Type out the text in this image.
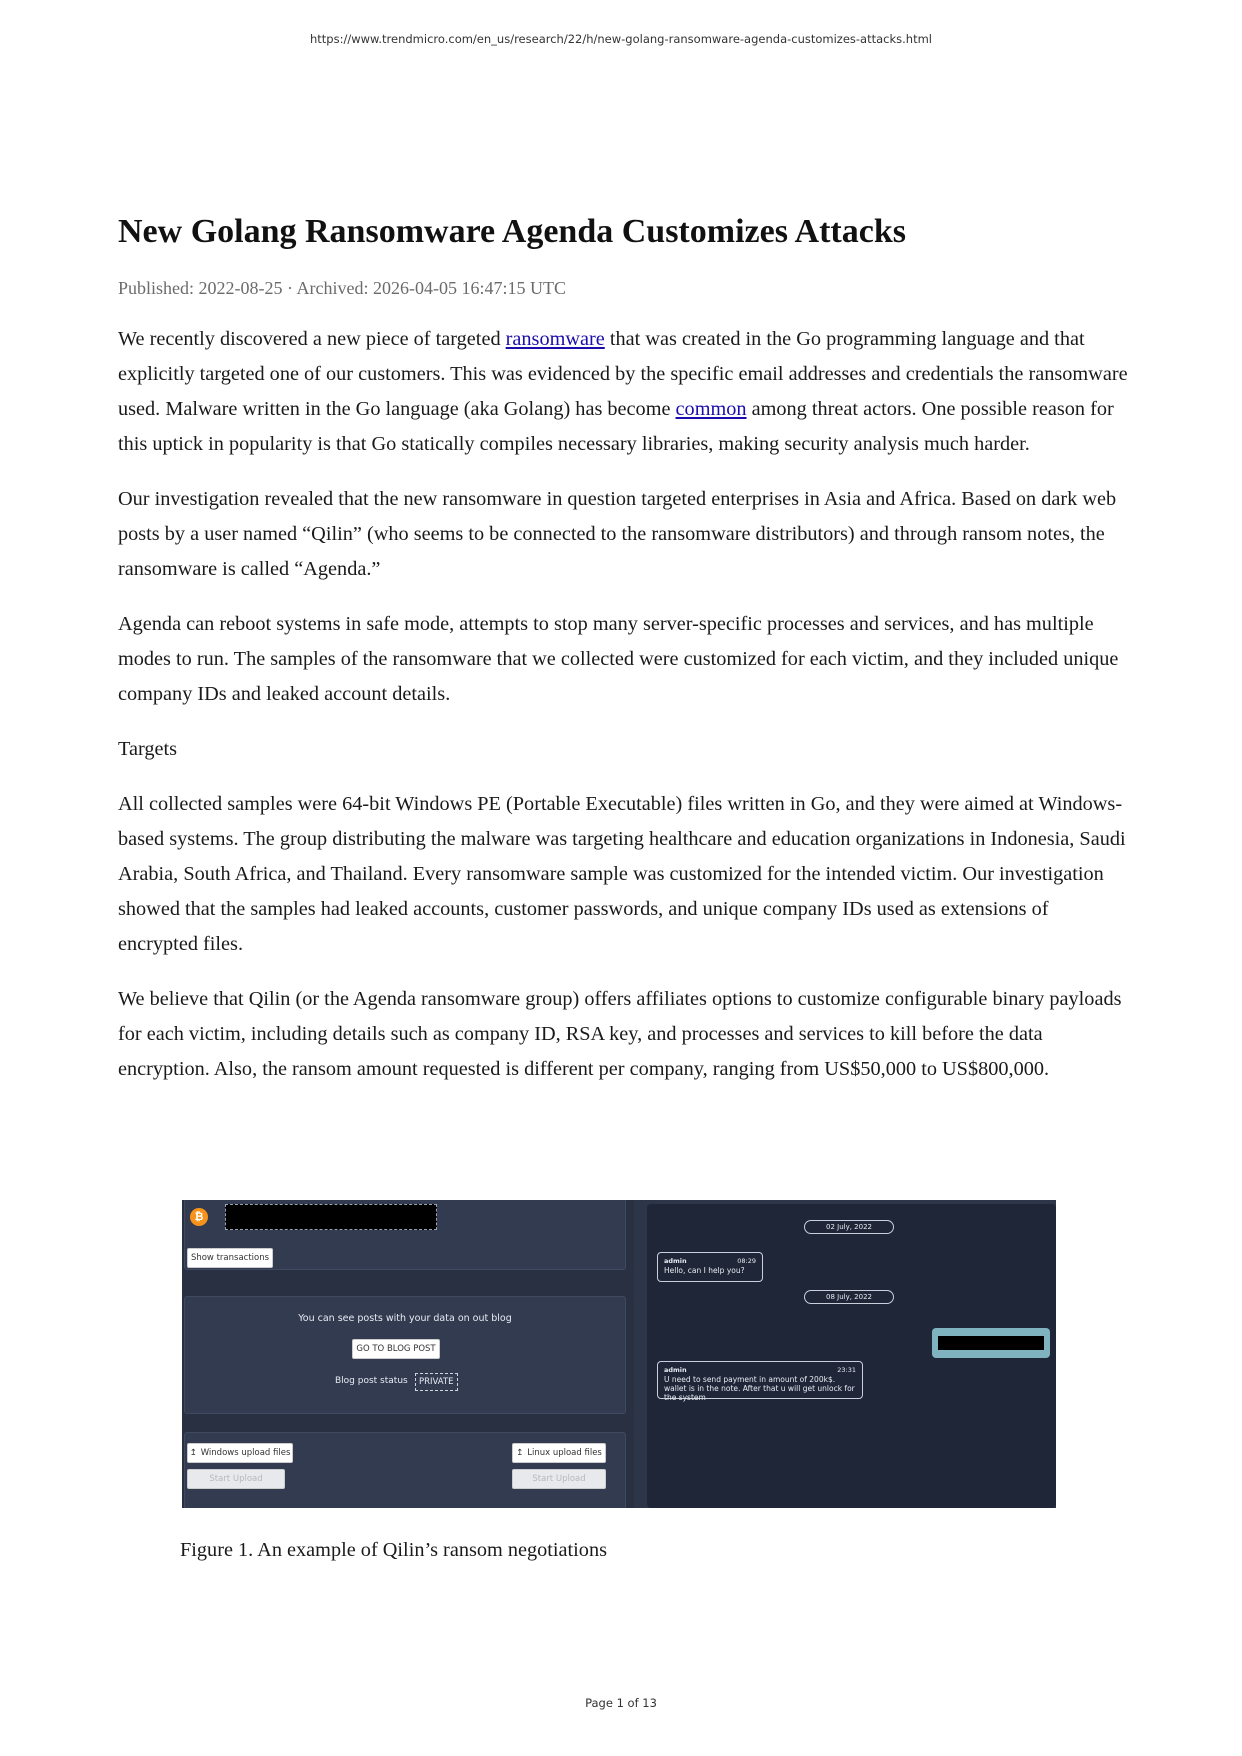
https://www.trendmicro.com/en_us/research/22/h/new-golang-ransomware-agenda-customizes-attacks.html
New Golang Ransomware Agenda Customizes Attacks
Published: 2022-08-25 · Archived: 2026-04-05 16:47:15 UTC

We recently discovered a new piece of targeted ransomware that was created in the Go programming language and that explicitly targeted one of our customers. This was evidenced by the specific email addresses and credentials the ransomware used. Malware written in the Go language (aka Golang) has become common among threat actors. One possible reason for this uptick in popularity is that Go statically compiles necessary libraries, making security analysis much harder.

Our investigation revealed that the new ransomware in question targeted enterprises in Asia and Africa. Based on dark web posts by a user named “Qilin” (who seems to be connected to the ransomware distributors) and through ransom notes, the ransomware is called “Agenda.”

Agenda can reboot systems in safe mode, attempts to stop many server-specific processes and services, and has multiple modes to run. The samples of the ransomware that we collected were customized for each victim, and they included unique company IDs and leaked account details.

Targets

All collected samples were 64-bit Windows PE (Portable Executable) files written in Go, and they were aimed at Windows-based systems. The group distributing the malware was targeting healthcare and education organizations in Indonesia, Saudi Arabia, South Africa, and Thailand. Every ransomware sample was customized for the intended victim. Our investigation showed that the samples had leaked accounts, customer passwords, and unique company IDs used as extensions of encrypted files.

We believe that Qilin (or the Agenda ransomware group) offers affiliates options to customize configurable binary payloads for each victim, including details such as company ID, RSA key, and processes and services to kill before the data encryption. Also, the ransom amount requested is different per company, ranging from US$50,000 to US$800,000.

₿
Show transactions
You can see posts with your data on out blog
GO TO BLOG POST
Blog post status	PRIVATE
↥ Windows upload files
Start Upload
↥ Linux upload files
Start Upload
02 July, 2022
admin	08:29
Hello, can I help you?
08 July, 2022
admin	23:31
U need to send payment in amount of 200k$. wallet is in the note. After that u will get unlock for the system
Figure 1. An example of Qilin’s ransom negotiations
Page 1 of 13
